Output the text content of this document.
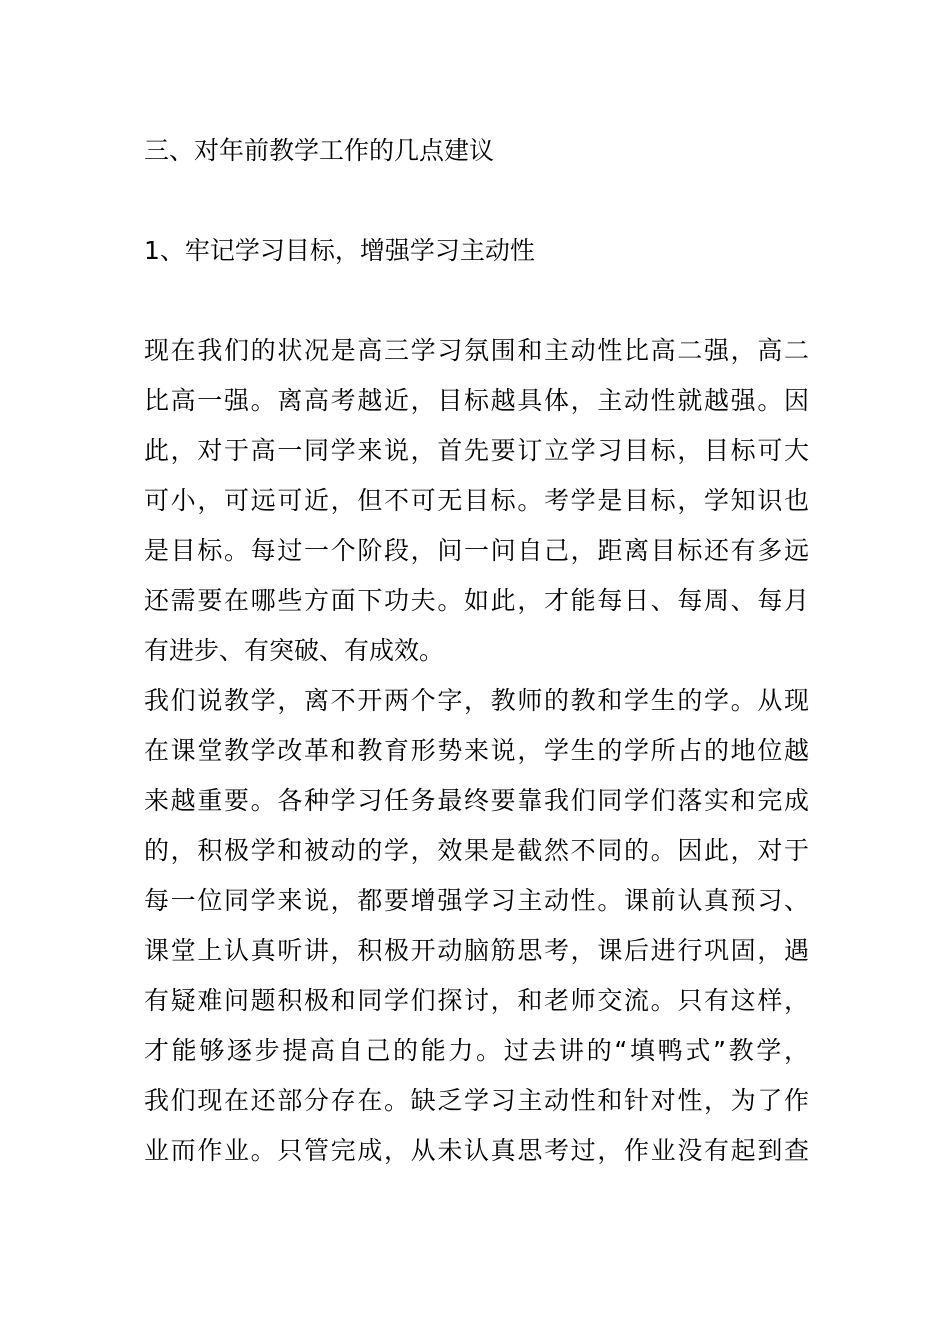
三、对年前教学工作的几点建议
1、牢记学习目标，增强学习主动性
现在我们的状况是高三学习氛围和主动性比高二强，高二
比高一强。离高考越近，目标越具体，主动性就越强。因
此，对于高一同学来说，首先要订立学习目标，目标可大
可小，可远可近，但不可无目标。考学是目标，学知识也
是目标。每过一个阶段，问一问自己，距离目标还有多远
还需要在哪些方面下功夫。如此，才能每日、每周、每月
有进步、有突破、有成效。
我们说教学，离不开两个字，教师的教和学生的学。从现
在课堂教学改革和教育形势来说，学生的学所占的地位越
来越重要。各种学习任务最终要靠我们同学们落实和完成
的，积极学和被动的学，效果是截然不同的。因此，对于
每一位同学来说，都要增强学习主动性。课前认真预习、
课堂上认真听讲，积极开动脑筋思考，课后进行巩固，遇
有疑难问题积极和同学们探讨，和老师交流。只有这样，
才能够逐步提高自己的能力。过去讲的“填鸭式”教学，
我们现在还部分存在。缺乏学习主动性和针对性，为了作
业而作业。只管完成，从未认真思考过，作业没有起到查
